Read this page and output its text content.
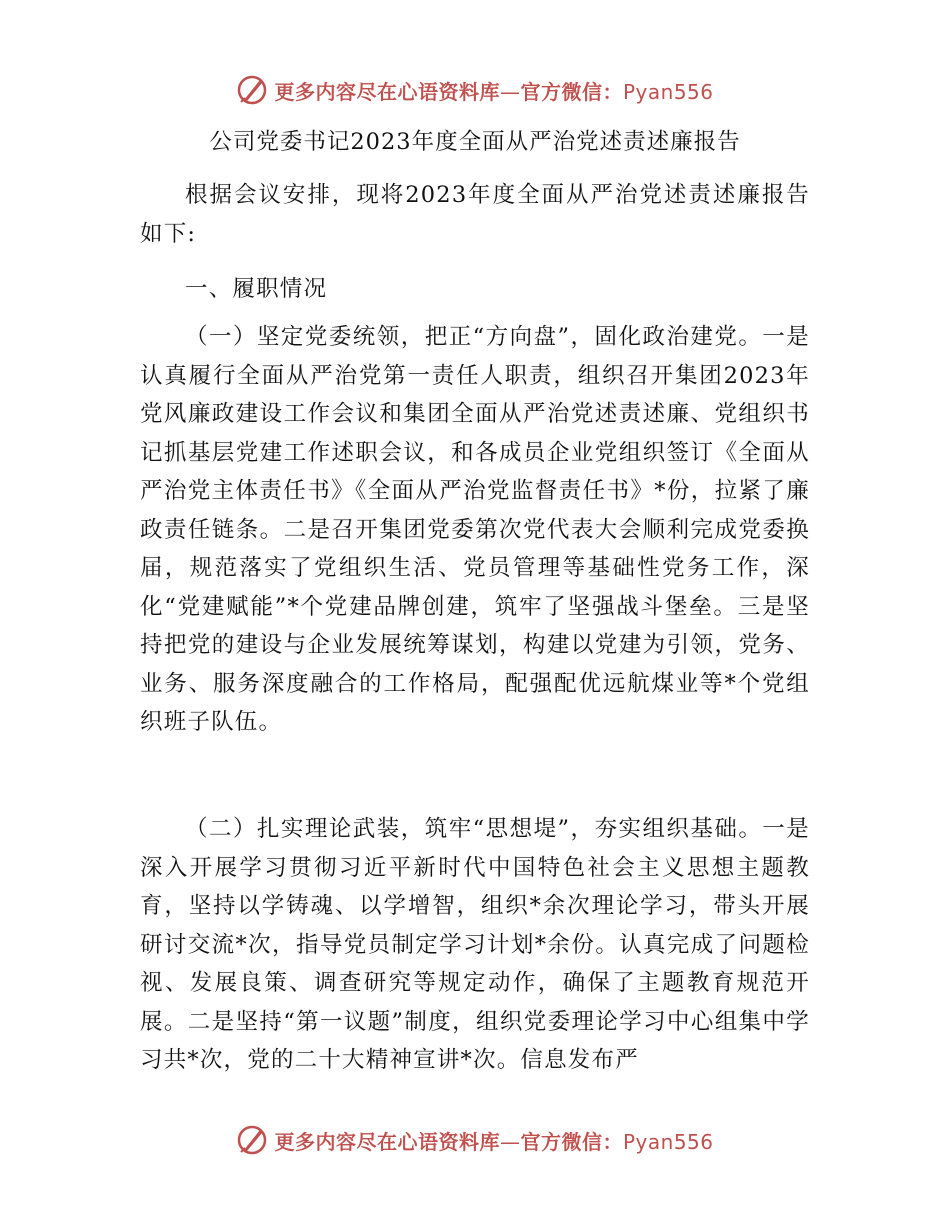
更多内容尽在心语资料库—官方微信：Pyan556
公司党委书记2023年度全面从严治党述责述廉报告

根据会议安排，现将2023年度全面从严治党述责述廉报告如下:

一、履职情况

（一）坚定党委统领，把正“方向盘”，固化政治建党。一是认真履行全面从严治党第一责任人职责，组织召开集团2023年党风廉政建设工作会议和集团全面从严治党述责述廉、党组织书记抓基层党建工作述职会议，和各成员企业党组织签订《全面从严治党主体责任书》《全面从严治党监督责任书》*份，拉紧了廉政责任链条。二是召开集团党委第次党代表大会顺利完成党委换届，规范落实了党组织生活、党员管理等基础性党务工作，深化“党建赋能”*个党建品牌创建，筑牢了坚强战斗堡垒。三是坚持把党的建设与企业发展统筹谋划，构建以党建为引领，党务、业务、服务深度融合的工作格局，配强配优远航煤业等*个党组织班子队伍。

（二）扎实理论武装，筑牢“思想堤”，夯实组织基础。一是深入开展学习贯彻习近平新时代中国特色社会主义思想主题教育，坚持以学铸魂、以学增智，组织*余次理论学习，带头开展研讨交流*次，指导党员制定学习计划*余份。认真完成了问题检视、发展良策、调查研究等规定动作，确保了主题教育规范开展。二是坚持“第一议题”制度，组织党委理论学习中心组集中学习共*次，党的二十大精神宣讲*次。信息发布严

更多内容尽在心语资料库—官方微信：Pyan556
